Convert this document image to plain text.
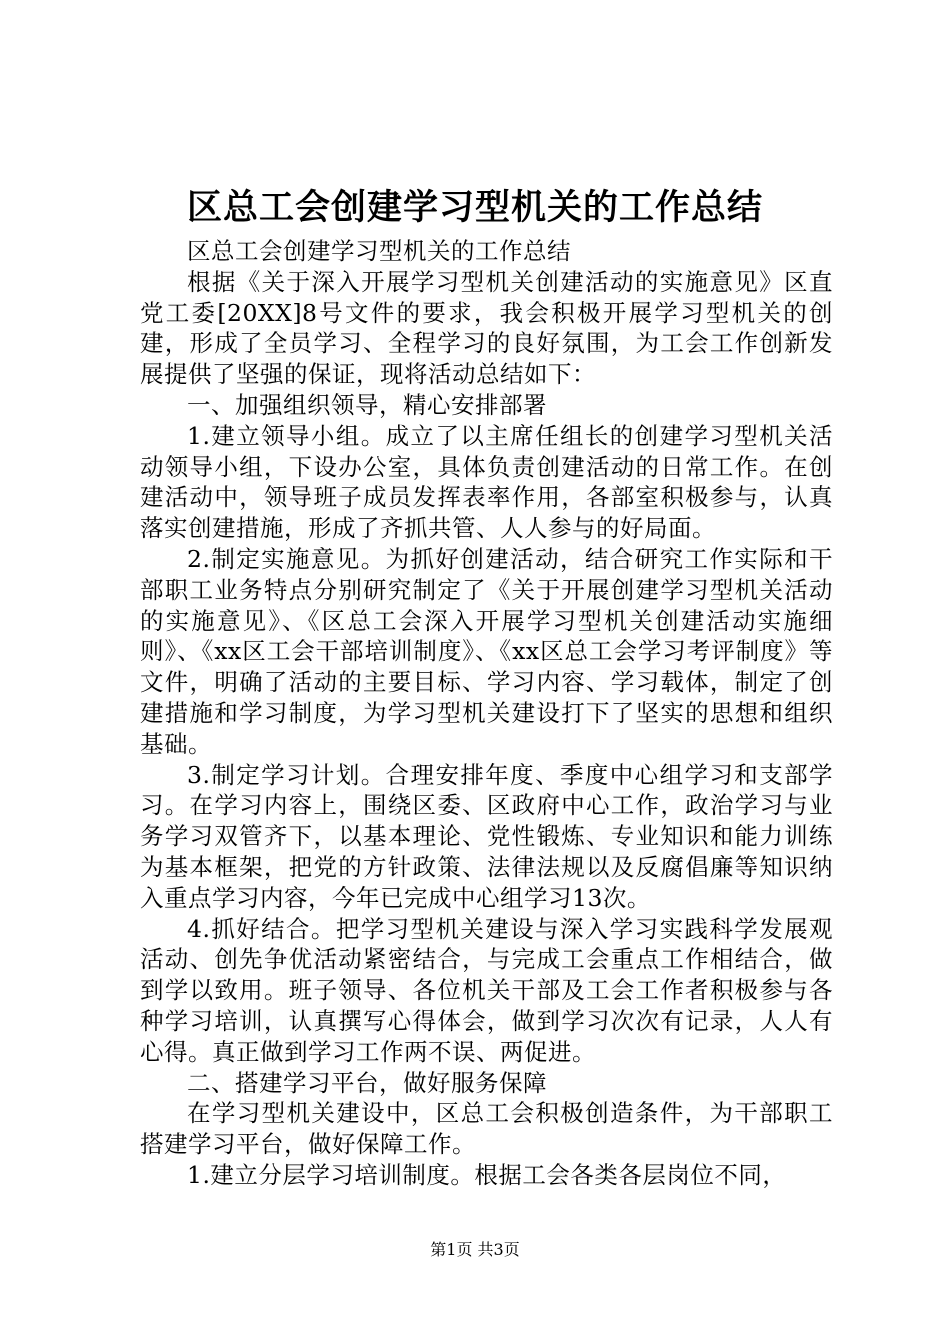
区总工会创建学习型机关的工作总结

区总工会创建学习型机关的工作总结

根据《关于深入开展学习型机关创建活动的实施意见》区直党工委[20XX]8号文件的要求，我会积极开展学习型机关的创建，形成了全员学习、全程学习的良好氛围，为工会工作创新发展提供了坚强的保证，现将活动总结如下：

一、加强组织领导，精心安排部署

1.建立领导小组。成立了以主席任组长的创建学习型机关活动领导小组，下设办公室，具体负责创建活动的日常工作。在创建活动中，领导班子成员发挥表率作用，各部室积极参与，认真落实创建措施，形成了齐抓共管、人人参与的好局面。

2.制定实施意见。为抓好创建活动，结合研究工作实际和干部职工业务特点分别研究制定了《关于开展创建学习型机关活动的实施意见》、《区总工会深入开展学习型机关创建活动实施细则》、《xx区工会干部培训制度》、《xx区总工会学习考评制度》等文件，明确了活动的主要目标、学习内容、学习载体，制定了创建措施和学习制度，为学习型机关建设打下了坚实的思想和组织基础。

3.制定学习计划。合理安排年度、季度中心组学习和支部学习。在学习内容上，围绕区委、区政府中心工作，政治学习与业务学习双管齐下，以基本理论、党性锻炼、专业知识和能力训练为基本框架，把党的方针政策、法律法规以及反腐倡廉等知识纳入重点学习内容，今年已完成中心组学习13次。

4.抓好结合。把学习型机关建设与深入学习实践科学发展观活动、创先争优活动紧密结合，与完成工会重点工作相结合，做到学以致用。班子领导、各位机关干部及工会工作者积极参与各种学习培训，认真撰写心得体会，做到学习次次有记录，人人有心得。真正做到学习工作两不误、两促进。

二、搭建学习平台，做好服务保障

在学习型机关建设中，区总工会积极创造条件，为干部职工搭建学习平台，做好保障工作。

1.建立分层学习培训制度。根据工会各类各层岗位不同，

第1页 共3页
